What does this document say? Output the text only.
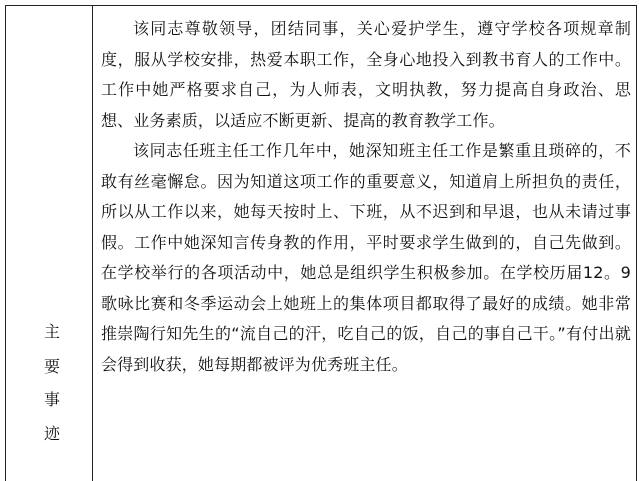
主
要
事
迹

该同志尊敬领导，团结同事，关心爱护学生，遵守学校各项规章制度，服从学校安排，热爱本职工作，全身心地投入到教书育人的工作中。工作中她严格要求自己，为人师表，文明执教，努力提高自身政治、思想、业务素质，以适应不断更新、提高的教育教学工作。

该同志任班主任工作几年中，她深知班主任工作是繁重且琐碎的，不敢有丝毫懈怠。因为知道这项工作的重要意义，知道肩上所担负的责任，所以从工作以来，她每天按时上、下班，从不迟到和早退，也从未请过事假。工作中她深知言传身教的作用，平时要求学生做到的，自己先做到。在学校举行的各项活动中，她总是组织学生积极参加。在学校历届12。9歌咏比赛和冬季运动会上她班上的集体项目都取得了最好的成绩。她非常推崇陶行知先生的“流自己的汗，吃自己的饭，自己的事自己干。”有付出就会得到收获，她每期都被评为优秀班主任。
